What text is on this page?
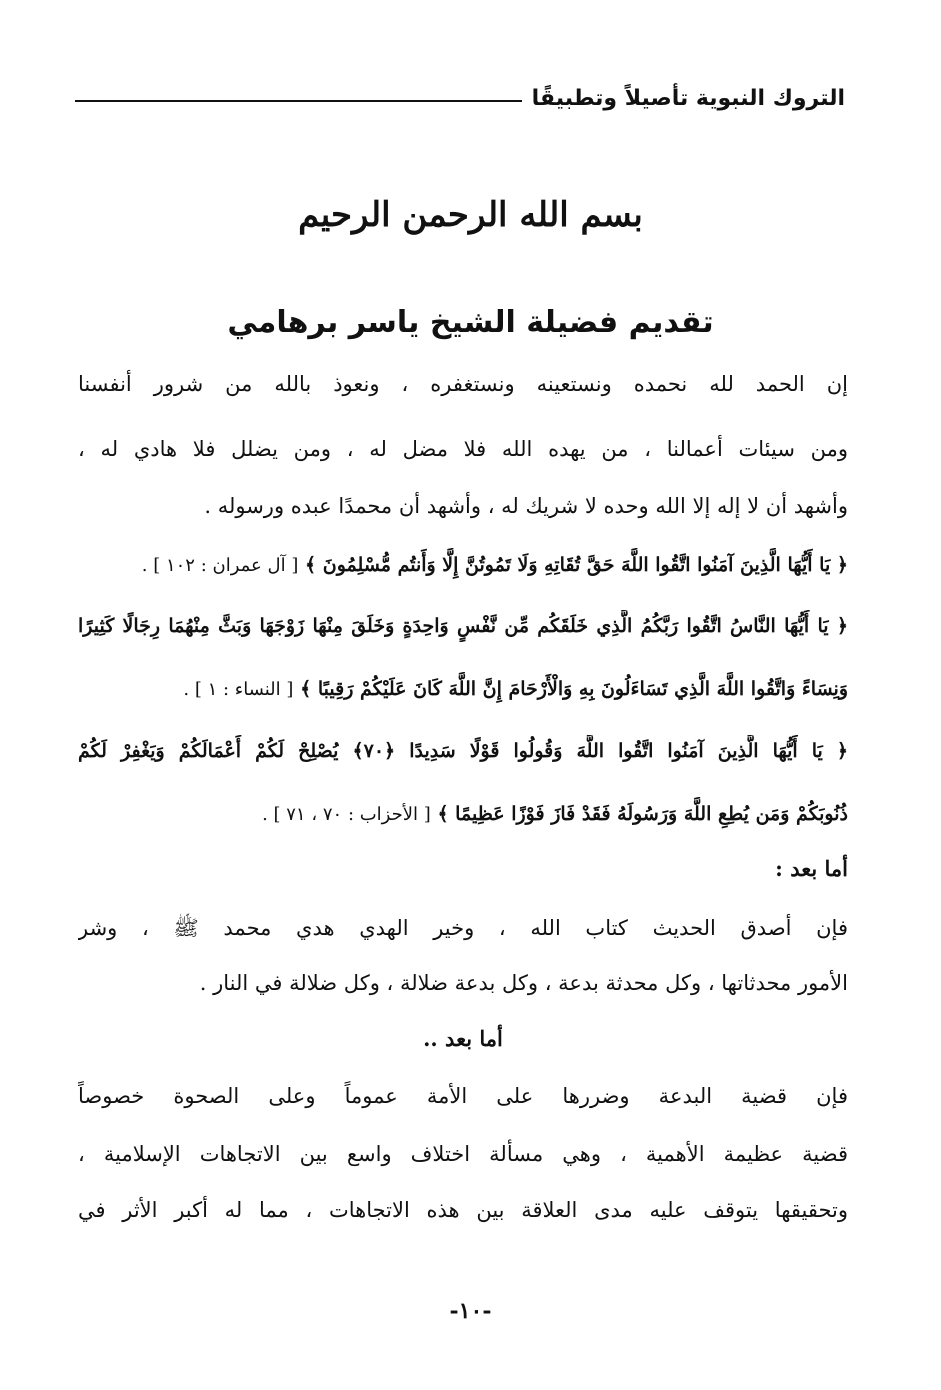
التروك النبوية تأصيلاً وتطبيقًا
بسم الله الرحمن الرحيم
تقديم فضيلة الشيخ ياسر برهامي
إن الحمد لله نحمده ونستعينه ونستغفره ، ونعوذ بالله من شرور أنفسنا
ومن سيئات أعمالنا ، من يهده الله فلا مضل له ، ومن يضلل فلا هادي له ،
وأشهد أن لا إله إلا الله وحده لا شريك له ، وأشهد أن محمدًا عبده ورسوله .
﴿ يَا أَيُّهَا الَّذِينَ آمَنُوا اتَّقُوا اللَّهَ حَقَّ تُقَاتِهِ وَلَا تَمُوتُنَّ إِلَّا وَأَنتُم مُّسْلِمُونَ ﴾ [ آل عمران : ١٠٢ ] .
﴿ يَا أَيُّهَا النَّاسُ اتَّقُوا رَبَّكُمُ الَّذِي خَلَقَكُم مِّن نَّفْسٍ وَاحِدَةٍ وَخَلَقَ مِنْهَا زَوْجَهَا وَبَثَّ مِنْهُمَا رِجَالًا كَثِيرًا
وَنِسَاءً وَاتَّقُوا اللَّهَ الَّذِي تَسَاءَلُونَ بِهِ وَالْأَرْحَامَ إِنَّ اللَّهَ كَانَ عَلَيْكُمْ رَقِيبًا ﴾ [ النساء : ١ ] .
﴿ يَا أَيُّهَا الَّذِينَ آمَنُوا اتَّقُوا اللَّهَ وَقُولُوا قَوْلًا سَدِيدًا ﴿٧٠﴾ يُصْلِحْ لَكُمْ أَعْمَالَكُمْ وَيَغْفِرْ لَكُمْ
ذُنُوبَكُمْ وَمَن يُطِعِ اللَّهَ وَرَسُولَهُ فَقَدْ فَازَ فَوْزًا عَظِيمًا ﴾ [ الأحزاب : ٧٠ ، ٧١ ] .
أما بعد :
فإن أصدق الحديث كتاب الله ، وخير الهدي هدي محمد ﷺ ، وشر
الأمور محدثاتها ، وكل محدثة بدعة ، وكل بدعة ضلالة ، وكل ضلالة في النار .
أما بعد ..
فإن قضية البدعة وضررها على الأمة عموماً وعلى الصحوة خصوصاً
قضية عظيمة الأهمية ، وهي مسألة اختلاف واسع بين الاتجاهات الإسلامية ،
وتحقيقها يتوقف عليه مدى العلاقة بين هذه الاتجاهات ، مما له أكبر الأثر في
-١٠-
